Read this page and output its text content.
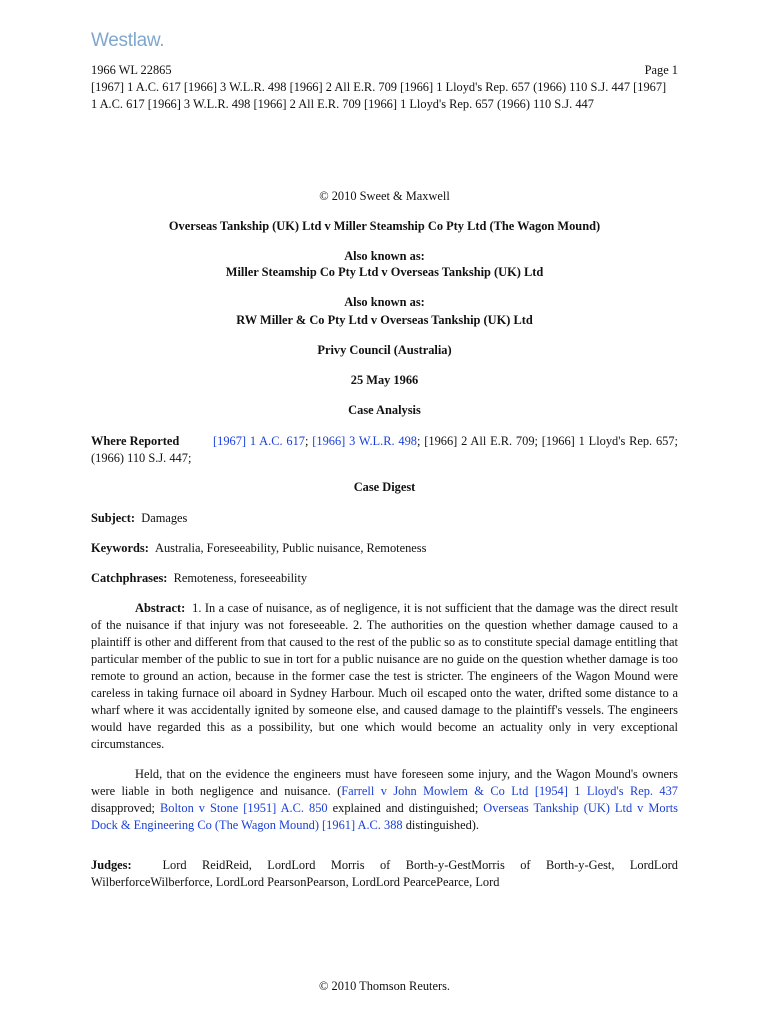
Westlaw.
1966 WL 22865	Page 1
[1967] 1 A.C. 617 [1966] 3 W.L.R. 498 [1966] 2 All E.R. 709 [1966] 1 Lloyd's Rep. 657 (1966) 110 S.J. 447 [1967]
1 A.C. 617 [1966] 3 W.L.R. 498 [1966] 2 All E.R. 709 [1966] 1 Lloyd's Rep. 657 (1966) 110 S.J. 447
© 2010 Sweet & Maxwell
Overseas Tankship (UK) Ltd v Miller Steamship Co Pty Ltd (The Wagon Mound)
Also known as:
Miller Steamship Co Pty Ltd v Overseas Tankship (UK) Ltd
Also known as:
RW Miller & Co Pty Ltd v Overseas Tankship (UK) Ltd
Privy Council (Australia)
25 May 1966
Case Analysis
Where Reported	[1967] 1 A.C. 617; [1966] 3 W.L.R. 498; [1966] 2 All E.R. 709; [1966] 1 Lloyd's Rep. 657; (1966) 110 S.J. 447;
Case Digest
Subject: Damages
Keywords: Australia, Foreseeability, Public nuisance, Remoteness
Catchphrases: Remoteness, foreseeability
Abstract: 1. In a case of nuisance, as of negligence, it is not sufficient that the damage was the direct result of the nuisance if that injury was not foreseeable. 2. The authorities on the question whether damage caused to a plaintiff is other and different from that caused to the rest of the public so as to constitute special damage entitling that particular member of the public to sue in tort for a public nuisance are no guide on the question whether damage is too remote to ground an action, because in the former case the test is stricter. The engineers of the Wagon Mound were careless in taking furnace oil aboard in Sydney Harbour. Much oil escaped onto the water, drifted some distance to a wharf where it was accidentally ignited by someone else, and caused damage to the plaintiff's vessels. The engineers would have regarded this as a possibility, but one which would become an actuality only in very exceptional circumstances.
Held, that on the evidence the engineers must have foreseen some injury, and the Wagon Mound's owners were liable in both negligence and nuisance. (Farrell v John Mowlem & Co Ltd [1954] 1 Lloyd's Rep. 437 disapproved; Bolton v Stone [1951] A.C. 850 explained and distinguished; Overseas Tankship (UK) Ltd v Morts Dock & Engineering Co (The Wagon Mound) [1961] A.C. 388 distinguished).
Judges: Lord ReidReid, LordLord Morris of Borth-y-GestMorris of Borth-y-Gest, LordLord WilberforceWilberforce, LordLord PearsonPearson, LordLord PearcePearce, Lord
© 2010 Thomson Reuters.
